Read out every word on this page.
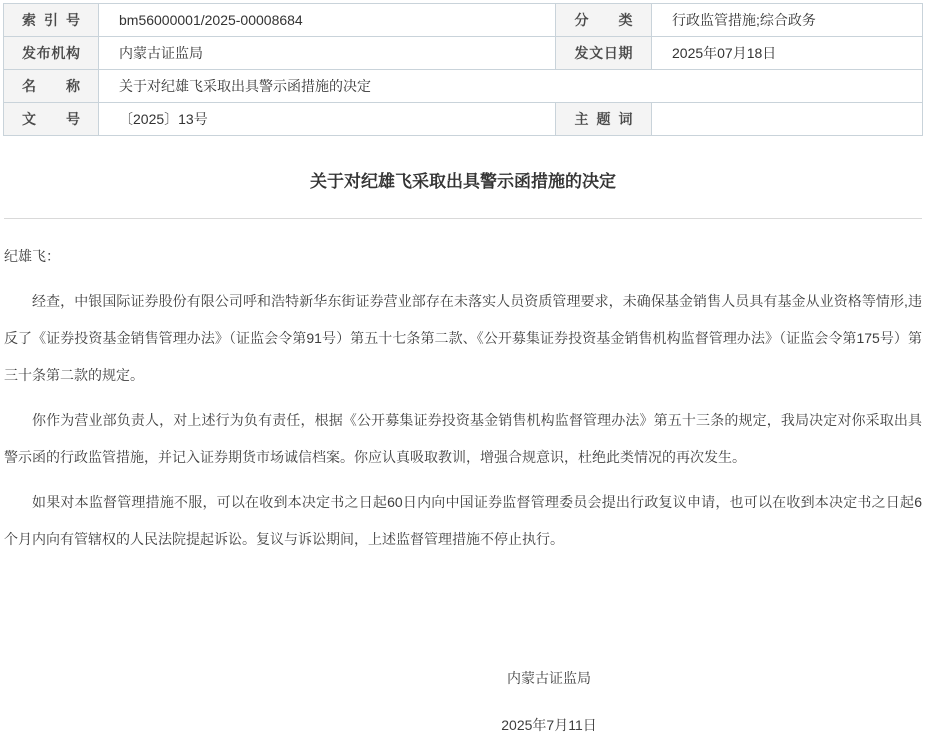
索引号	bm56000001/2025-00008684	分类	行政监管措施;综合政务
发布机构	内蒙古证监局	发文日期	2025年07月18日
名称	关于对纪雄飞采取出具警示函措施的决定		
文号	〔2025〕13号	主题词	
关于对纪雄飞采取出具警示函措施的决定

纪雄飞：

经查，中银国际证券股份有限公司呼和浩特新华东街证券营业部存在未落实人员资质管理要求，未确保基金销售人员具有基金从业资格等情形,违反了《证券投资基金销售管理办法》（证监会令第91号）第五十七条第二款、《公开募集证券投资基金销售机构监督管理办法》（证监会令第175号）第三十条第二款的规定。

你作为营业部负责人，对上述行为负有责任，根据《公开募集证券投资基金销售机构监督管理办法》第五十三条的规定，我局决定对你采取出具警示函的行政监管措施，并记入证券期货市场诚信档案。你应认真吸取教训，增强合规意识，杜绝此类情况的再次发生。

如果对本监督管理措施不服，可以在收到本决定书之日起60日内向中国证券监督管理委员会提出行政复议申请，也可以在收到本决定书之日起6个月内向有管辖权的人民法院提起诉讼。复议与诉讼期间，上述监督管理措施不停止执行。

内蒙古证监局
2025年7月11日
